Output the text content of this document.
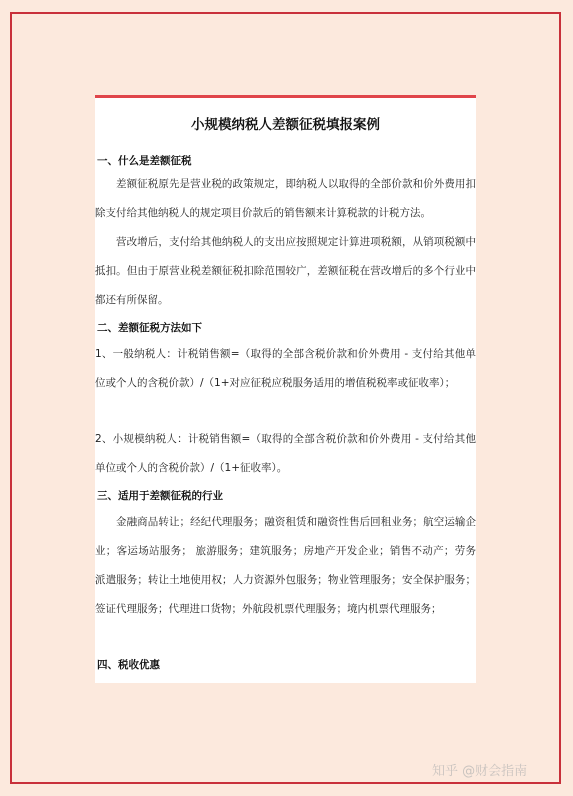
小规模纳税人差额征税填报案例
一、什么是差额征税
差额征税原先是营业税的政策规定，即纳税人以取得的全部价款和价外费用扣除支付给其他纳税人的规定项目价款后的销售额来计算税款的计税方法。
营改增后，支付给其他纳税人的支出应按照规定计算进项税额，从销项税额中抵扣。但由于原营业税差额征税扣除范围较广，差额征税在营改增后的多个行业中都还有所保留。
二、差额征税方法如下
1、一般纳税人：计税销售额=（取得的全部含税价款和价外费用 - 支付给其他单位或个人的含税价款）/（1+对应征税应税服务适用的增值税税率或征收率）；
2、小规模纳税人：计税销售额=（取得的全部含税价款和价外费用 - 支付给其他单位或个人的含税价款）/（1+征收率）。
三、适用于差额征税的行业
金融商品转让；经纪代理服务；融资租赁和融资性售后回租业务；航空运输企业；客运场站服务； 旅游服务；建筑服务；房地产开发企业；销售不动产；劳务派遣服务；转让土地使用权；人力资源外包服务；物业管理服务；安全保护服务；签证代理服务；代理进口货物；外航段机票代理服务；境内机票代理服务；
四、税收优惠
知乎 @财会指南
